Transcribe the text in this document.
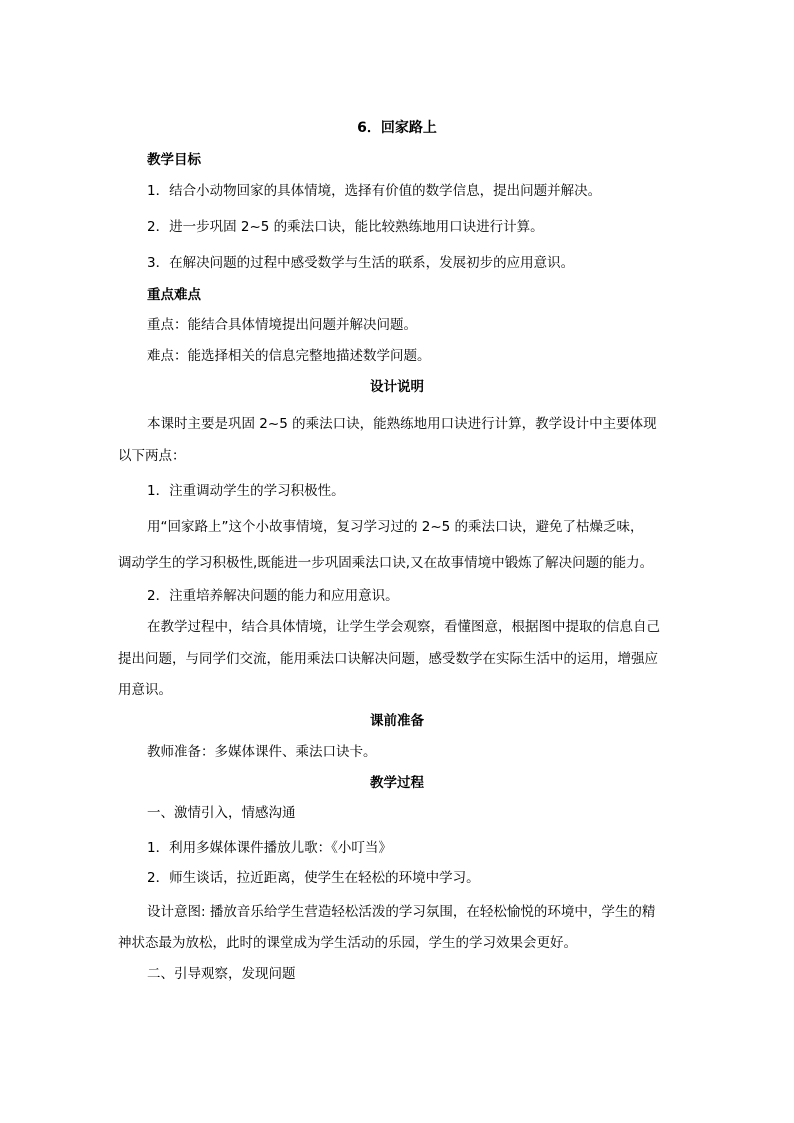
6．回家路上
教学目标
1．结合小动物回家的具体情境，选择有价值的数学信息，提出问题并解决。
2．进一步巩固 2~5 的乘法口诀，能比较熟练地用口诀进行计算。
3．在解决问题的过程中感受数学与生活的联系，发展初步的应用意识。
重点难点
重点：能结合具体情境提出问题并解决问题。
难点：能选择相关的信息完整地描述数学问题。
设计说明
本课时主要是巩固 2~5 的乘法口诀，能熟练地用口诀进行计算，教学设计中主要体现
以下两点：
1．注重调动学生的学习积极性。
用“回家路上”这个小故事情境，复习学习过的 2~5 的乘法口诀，避免了枯燥乏味，
调动学生的学习积极性,既能进一步巩固乘法口诀,又在故事情境中锻炼了解决问题的能力。
2．注重培养解决问题的能力和应用意识。
在教学过程中，结合具体情境，让学生学会观察，看懂图意，根据图中提取的信息自己
提出问题，与同学们交流，能用乘法口诀解决问题，感受数学在实际生活中的运用，增强应
用意识。
课前准备
教师准备：多媒体课件、乘法口诀卡。
教学过程
一、激情引入，情感沟通
1．利用多媒体课件播放儿歌：《小叮当》
2．师生谈话，拉近距离，使学生在轻松的环境中学习。
设计意图: 播放音乐给学生营造轻松活泼的学习氛围，在轻松愉悦的环境中，学生的精
神状态最为放松，此时的课堂成为学生活动的乐园，学生的学习效果会更好。
二、引导观察，发现问题
